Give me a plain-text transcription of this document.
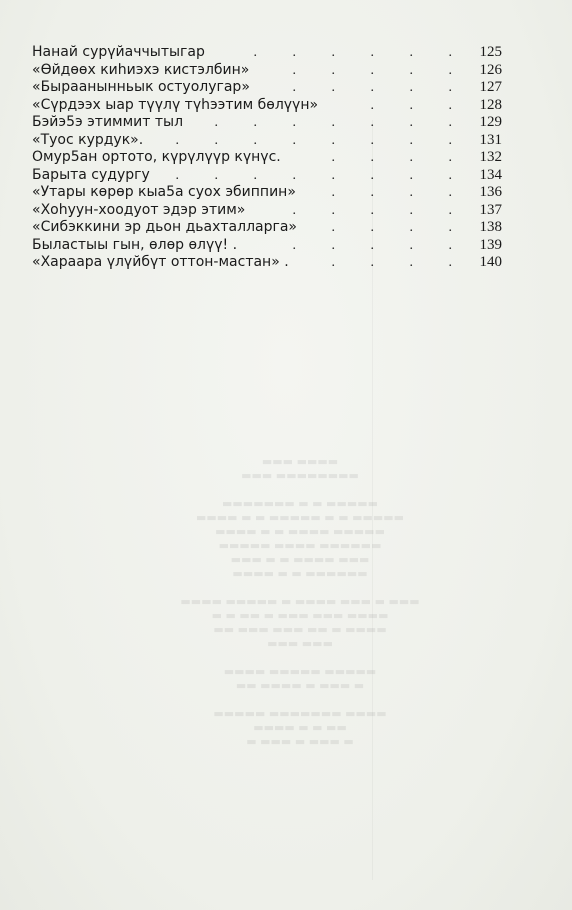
▬▬▬▬ ▬▬▬
▬▬▬▬▬▬▬▬ ▬▬▬

▬▬▬▬▬ ▬ ▬ ▬▬▬▬▬▬▬
▬▬▬▬▬ ▬ ▬ ▬▬▬▬▬ ▬ ▬ ▬▬▬▬
▬▬▬▬▬ ▬▬▬▬ ▬ ▬ ▬▬▬▬
▬▬▬▬▬▬ ▬▬▬▬ ▬▬▬▬▬
▬▬▬ ▬▬▬▬ ▬ ▬ ▬▬▬
▬▬▬▬▬▬ ▬ ▬ ▬▬▬▬

▬▬▬ ▬ ▬▬▬ ▬▬▬▬ ▬ ▬▬▬▬▬ ▬▬▬▬
▬▬▬▬ ▬▬▬ ▬▬▬ ▬ ▬▬ ▬ ▬
▬▬▬▬ ▬ ▬▬ ▬▬▬ ▬▬▬ ▬▬
▬▬▬ ▬▬▬

▬▬▬▬▬ ▬▬▬▬▬ ▬▬▬▬
▬ ▬▬▬ ▬ ▬▬▬▬ ▬▬

▬▬▬▬ ▬▬▬▬▬▬▬ ▬▬▬▬▬
▬▬ ▬ ▬ ▬▬▬▬
▬ ▬▬▬ ▬ ▬▬▬ ▬
. . . . . .
Нанай сурүйаччытыгар	125
. . . . .
«Өйдөөх киһиэхэ кистэлбин»	126
. . . . .
«Быраанынньык остуолугар»	127
. . .
«Сүрдээх ыар түүлү түһээтим бөлүүн»	128
. . . . . . .
Бэйэ5э этиммит тыл	129
. . . . . . . .
«Туос курдук».	131
. . . .
Омур5ан ортото, күрүлүүр күнүс.	132
. . . . . . . .
Барыта судургу	134
. . . .
«Утары көрөр кыа5а суох эбиппин»	136
. . . . .
«Хоһуун-хоодуот эдэр этим»	137
. . . .
«Сибэккини эр дьон дьахталларга»	138
. . . . .
Быластыы гын, өлөр өлүү! .	139
. . . .
«Хараара үлүйбүт оттон-мастан» .	140
